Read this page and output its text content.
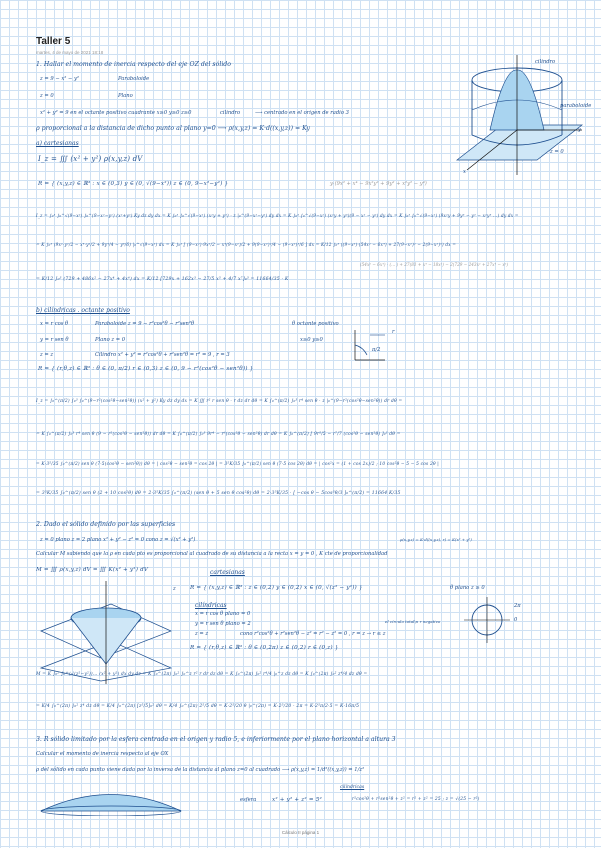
Taller 5
martes, 4 de mayo de 2021 18:18
1. Hallar el momento de inercia respecto del eje OZ del sólido
z = 9 − x² − y²	Paraboloide
z = 0	Plano
x² + y² = 9 en el octante positivo cuadrante x≥0 y≥0 z≥0	cilindro	⟶ centrado en el origen de radio 3
ρ proporcional a la distancia de dicho punto al plano y=0 ⟶ ρ(x,y,z) = K·d((x,y,z)) = Ky
a) cartesianas
I_z = ∭ (x² + y²) ρ(x,y,z) dV
cilindro
paraboloide
z = 0
y
x
R = { (x,y,z) ∈ ℝ³ : x ∈ (0,3) y ∈ (0, √(9−x²)) z ∈ (0, 9−x²−y²) }	y·(9x² + x⁴ − 9x²y² + 9y² + x²y² − y⁴)
I_z = ∫₀³ ∫₀^√(9−x²) ∫₀^(9−x²−y²) (x²+y²) Ky dz dy dx = K ∫₀³ ∫₀^√(9−x²) (x²y + y³) · z |₀^(9−x²−y²) dy dx = K ∫₀³ ∫₀^√(9−x²) (x²y + y³)(9 − x² − y²) dy dx = K ∫₀³ ∫₀^√(9−x²) (9x²y + 9y³ − y⁵ − x²y³ ...) dy dx =
= K ∫₀³ (9x²·y²/2 − x⁴·y²/2 + 9y⁴/4 − y⁶/6) |₀^√(9−x²) dx = K ∫₀³ [ (9−x²)·9x²/2 − x⁴(9−x²)/2 + 9(9−x²)²/4 − (9−x²)³/6 ] dx = K/12 ∫₀³ ((9−x²)·(54x² − 6x⁴) + 27(9−x²)² − 2(9−x²)³) dx =
(54x² − 6x⁴) · (... ) + 27(81 + x⁴ − 18x²) − 2(729 − 243x² + 27x⁴ − x⁶)
= K/12 ∫₀³ (729 + 486x² − 27x⁴ + 4x⁶) dx = K/12 [729x + 162x³ − 27/5 x⁵ + 4/7 x⁷]₀³ = 11664/35 · K
b) cilíndricas . octante positivo
x = r cos θ	Paraboloide z = 9 − r²cos²θ − r²sen²θ
y = r sen θ	Plano z = 0
z = z	Cilindro x² + y² = r²cos²θ + r²sen²θ = r² = 9 , r = 3
θ octante positivo
x≥0 y≥0
r
π/2
R = { (r,θ,z) ∈ ℝ³ : θ ∈ (0, π/2) r ∈ (0,3) z ∈ (0, 9 − r²(cos²θ − sen²θ)) }
I_z = ∫₀^(π/2) ∫₀³ ∫₀^(9−r²(cos²θ−sen²θ)) (x² + y²) Ky dz dy dx = K ∭ r² r sen θ · r dz dr dθ = K ∫₀^(π/2) ∫₀³ r⁴ sen θ · z |₀^(9−r²(cos²θ−sen²θ)) dr dθ =
= K ∫₀^(π/2) ∫₀³ r⁴ sen θ (9 − r²(cos²θ − sen²θ)) dr dθ = K ∫₀^(π/2) ∫₀³ 9r⁴ − r⁶(cos²θ − sen²θ) dr dθ = K ∫₀^(π/2) [ 9r⁵/5 − r⁷/7 (cos²θ − sen²θ) ]₀³ dθ =
= K·3⁵/35 ∫₀^(π/2) sen θ (7·5(cos²θ − sen²θ)) dθ = | cos²θ − sen²θ = cos 2θ | = 3⁵K/35 ∫₀^(π/2) sen θ (7·5 cos 2θ) dθ = | cos²x = (1 + cos 2x)/2 ; 10 cos²θ − 5 − 5 cos 2θ |
= 3⁵K/35 ∫₀^(π/2) sen θ (2 + 10 cos²θ) dθ = 2·3⁵K/35 ∫₀^(π/2) (sen θ + 5 sen θ cos²θ) dθ = 2·3⁵K/35 · [ −cos θ − 5cos³θ/3 ]₀^(π/2) = 11664 K/35
2. Dado el sólido definido por las superficies
z = 0 plano z = 2 plano x² + y² − z² = 0 cono z = √(x² + y²)	ρ(x,y,z) = K·d((x,y,z), r) = K(x² + y²)
Calcular M sabiendo que la ρ en cada pto es proporcional al cuadrado de su distancia a la recta x = y = 0 , K cte de proporcionalidad
M = ∭ ρ(x,y,z) dV = ∭ K(x² + y²) dV
z
cartesianas
R = { (x,y,z) ∈ ℝ³ : z ∈ (0,2) y ∈ (0,2) x ∈ (0, √(z² − y²)) }	θ plano z ≥ 0
cilíndricas
x = r cos θ plano = 0
y = r sen θ plano = 2
z = z	cono r²cos²θ + r²sen²θ − z² = r² − z² = 0 , r = z → r ≤ z
el círculo total\n r negativo
2π
0
R = { (r,θ,z) ∈ ℝ³ : θ ∈ (0,2π) z ∈ (0,2) r ∈ (0,z) }
M = K ∫₀² ∫₀^(√(z²−y²))... (x² + y²) dx dy dz = K ∫₀^(2π) ∫₀² ∫₀^z r² r dr dz dθ = K ∫₀^(2π) ∫₀² r⁴/4 |₀^z dz dθ = K ∫₀^(2π) ∫₀² z⁴/4 dz dθ =
= K/4 ∫₀^(2π) ∫₀² z⁴ dz dθ = K/4 ∫₀^(2π) [z⁵/5]₀² dθ = K/4 ∫₀^(2π) 2⁵/5 dθ = K·2⁵/20 θ |₀^(2π) = K·2⁵/20 · 2π = K·2⁵π/2·5 = K·16π/5
3. R sólido limitado por la esfera centrada en el origen y radio 5, e inferiormente por el plano horizontal a altura 3
Calcular el momento de inercia respecto al eje OX
ρ del sólido en cada punto viene dada por la inversa de la distancia al plano z=0 al cuadrado ⟶ ρ(x,y,z) = 1/d²((x,y,z)) = 1/z²
esfera	x² + y² + z² = 5²
cilíndricas
r²cos²θ + r²sen²θ + z² = r² + z² = 25 ; z = √(25 − r²)
Cálculo II página 1
